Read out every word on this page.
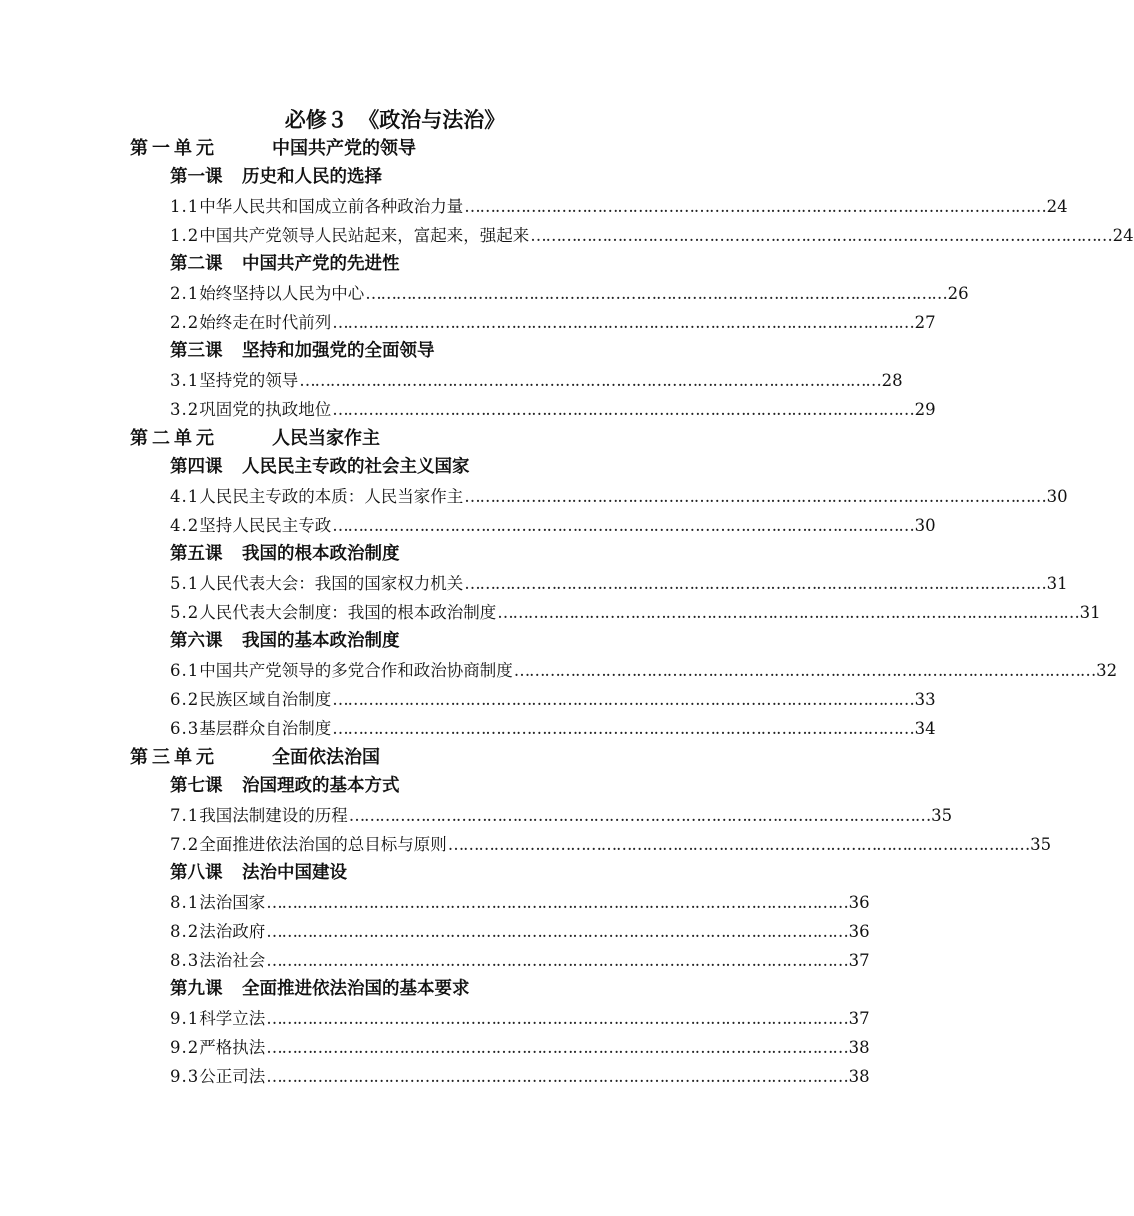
必修３　《政治与法治》
第一单元	中国共产党的领导
第一课 历史和人民的选择
1.1 中华人民共和国成立前各种政治力量 …………………………………………………………………………………………………… 24
1.2 中国共产党领导人民站起来，富起来，强起来 …………………………………………………………………………………………………… 24
第二课 中国共产党的先进性
2.1 始终坚持以人民为中心 …………………………………………………………………………………………………… 26
2.2 始终走在时代前列 …………………………………………………………………………………………………… 27
第三课 坚持和加强党的全面领导
3.1 坚持党的领导 …………………………………………………………………………………………………… 28
3.2 巩固党的执政地位 …………………………………………………………………………………………………… 29
第二单元	人民当家作主
第四课 人民民主专政的社会主义国家
4.1 人民民主专政的本质：人民当家作主 …………………………………………………………………………………………………… 30
4.2 坚持人民民主专政 …………………………………………………………………………………………………… 30
第五课 我国的根本政治制度
5.1 人民代表大会：我国的国家权力机关 …………………………………………………………………………………………………… 31
5.2 人民代表大会制度：我国的根本政治制度 …………………………………………………………………………………………………… 31
第六课 我国的基本政治制度
6.1 中国共产党领导的多党合作和政治协商制度 …………………………………………………………………………………………………… 32
6.2 民族区域自治制度 …………………………………………………………………………………………………… 33
6.3 基层群众自治制度 …………………………………………………………………………………………………… 34
第三单元	全面依法治国
第七课 治国理政的基本方式
7.1 我国法制建设的历程 …………………………………………………………………………………………………… 35
7.2 全面推进依法治国的总目标与原则 …………………………………………………………………………………………………… 35
第八课 法治中国建设
8.1 法治国家 …………………………………………………………………………………………………… 36
8.2 法治政府 …………………………………………………………………………………………………… 36
8.3 法治社会 …………………………………………………………………………………………………… 37
第九课 全面推进依法治国的基本要求
9.1 科学立法 …………………………………………………………………………………………………… 37
9.2 严格执法 …………………………………………………………………………………………………… 38
9.3 公正司法 …………………………………………………………………………………………………… 38
